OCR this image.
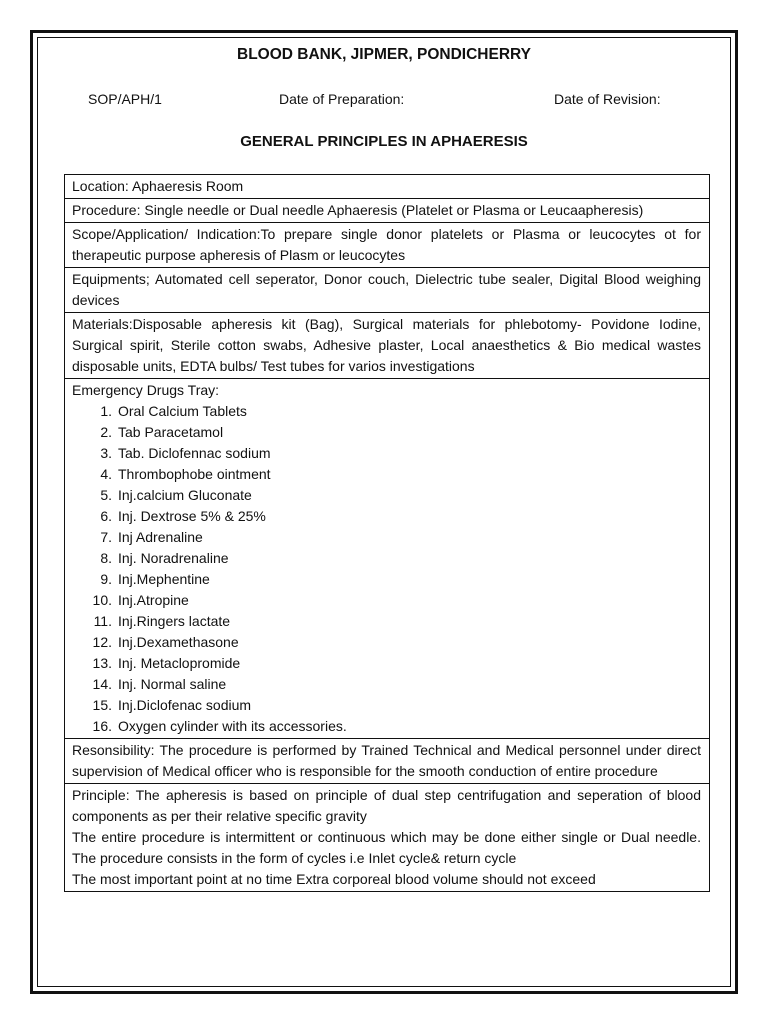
BLOOD BANK, JIPMER, PONDICHERRY
SOP/APH/1	Date of Preparation:	Date of Revision:
GENERAL PRINCIPLES IN APHAERESIS
Location: Aphaeresis Room
Procedure: Single needle or Dual needle Aphaeresis (Platelet or Plasma or Leucaapheresis)
Scope/Application/ Indication:To prepare single donor platelets or Plasma or leucocytes ot for therapeutic purpose apheresis of Plasm or leucocytes
Equipments; Automated cell seperator, Donor couch, Dielectric tube sealer, Digital Blood weighing devices
Materials:Disposable apheresis kit (Bag), Surgical materials for phlebotomy- Povidone Iodine, Surgical spirit, Sterile cotton swabs, Adhesive plaster, Local anaesthetics & Bio medical wastes disposable units, EDTA bulbs/ Test tubes for varios investigations

Emergency Drugs Tray:

1. Oral Calcium Tablets
2. Tab Paracetamol
3. Tab. Diclofennac sodium
4. Thrombophobe ointment
5. Inj.calcium Gluconate
6. Inj. Dextrose 5% & 25%
7. Inj Adrenaline
8. Inj. Noradrenaline
9. Inj.Mephentine
10. Inj.Atropine
11. Inj.Ringers lactate
12. Inj.Dexamethasone
13. Inj. Metaclopromide
14. Inj. Normal saline
15. Inj.Diclofenac sodium
16. Oxygen cylinder with its accessories.
Resonsibility: The procedure is performed by Trained Technical and Medical personnel under direct supervision of Medical officer who is responsible for the smooth conduction of entire procedure

Principle: The apheresis is based on principle of dual step centrifugation and seperation of blood components as per their relative specific gravity

The entire procedure is intermittent or continuous which may be done either single or Dual needle. The procedure consists in the form of cycles i.e Inlet cycle& return cycle

The most important point at no time Extra corporeal blood volume should not exceed
